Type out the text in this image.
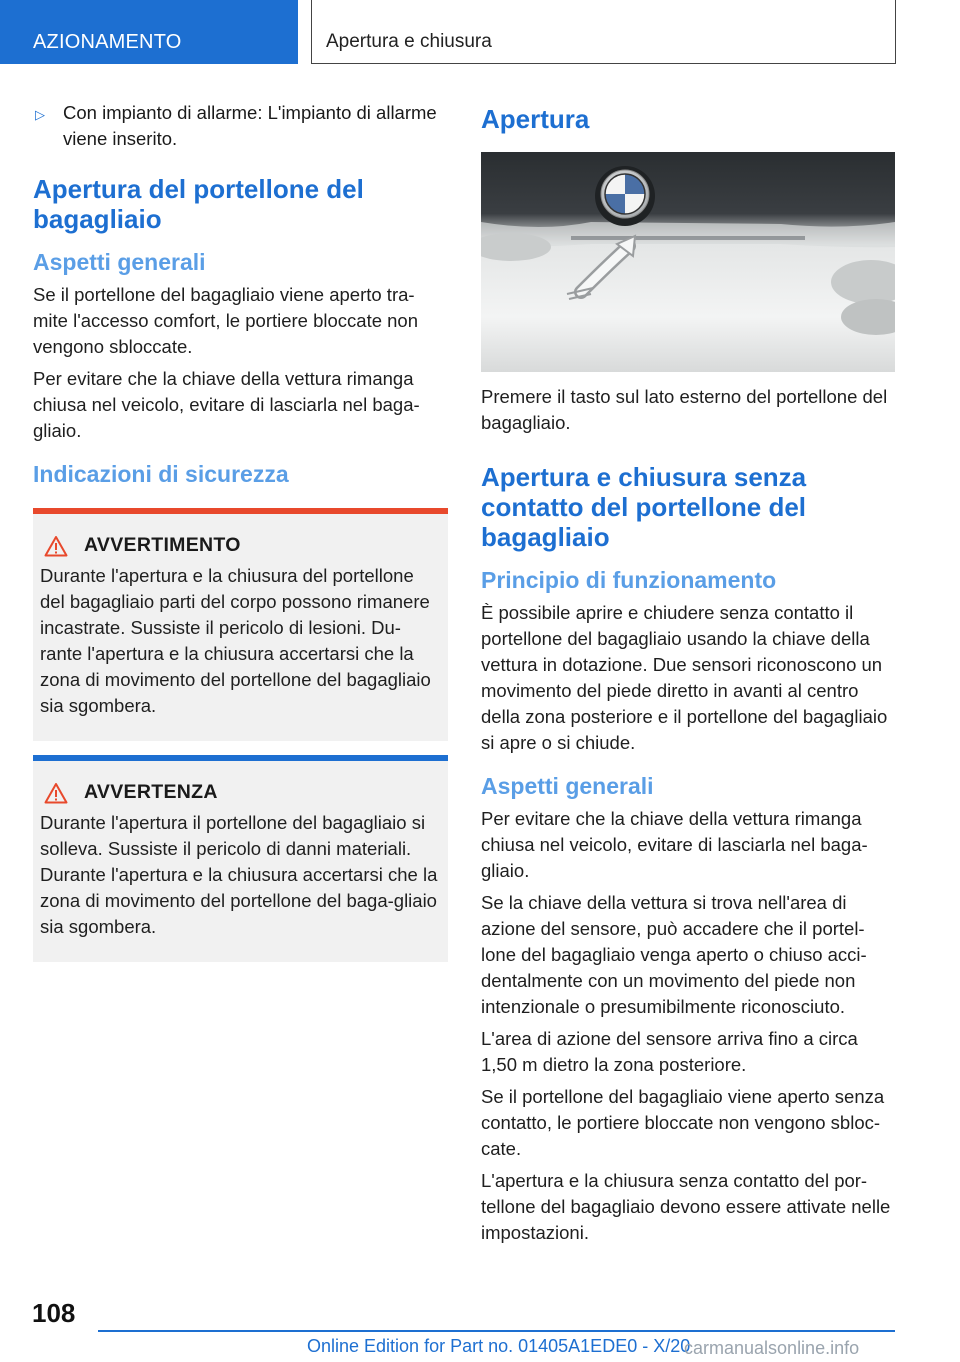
AZIONAMENTO	Apertura e chiusura
▷ Con impianto di allarme: L'impianto di allarme viene inserito.
Apertura del portellone del bagagliaio
Aspetti generali

Se il portellone del bagagliaio viene aperto tra-mite l'accesso comfort, le portiere bloccate non vengono sbloccate.

Per evitare che la chiave della vettura rimanga chiusa nel veicolo, evitare di lasciarla nel baga-gliaio.

Indicazioni di sicurezza
AVVERTIMENTO
Durante l'apertura e la chiusura del portellone del bagagliaio parti del corpo possono rimanere incastrate. Sussiste il pericolo di lesioni. Du-rante l'apertura e la chiusura accertarsi che la zona di movimento del portellone del bagagliaio sia sgombera.
AVVERTENZA
Durante l'apertura il portellone del bagagliaio si solleva. Sussiste il pericolo di danni materiali. Durante l'apertura e la chiusura accertarsi che la zona di movimento del portellone del baga-gliaio sia sgombera.
Apertura

Premere il tasto sul lato esterno del portellone del bagagliaio.

Apertura e chiusura senza contatto del portellone del bagagliaio
Principio di funzionamento

È possibile aprire e chiudere senza contatto il portellone del bagagliaio usando la chiave della vettura in dotazione. Due sensori riconoscono un movimento del piede diretto in avanti al centro della zona posteriore e il portellone del bagagliaio si apre o si chiude.

Aspetti generali

Per evitare che la chiave della vettura rimanga chiusa nel veicolo, evitare di lasciarla nel baga-gliaio.

Se la chiave della vettura si trova nell'area di azione del sensore, può accadere che il portel-lone del bagagliaio venga aperto o chiuso acci-dentalmente con un movimento del piede non intenzionale o presumibilmente riconosciuto.

L'area di azione del sensore arriva fino a circa 1,50 m dietro la zona posteriore.

Se il portellone del bagagliaio viene aperto senza contatto, le portiere bloccate non vengono sbloc-cate.

L'apertura e la chiusura senza contatto del por-tellone del bagagliaio devono essere attivate nelle impostazioni.

108
Online Edition for Part no. 01405A1EDE0 - X/20
carmanualsonline.info
